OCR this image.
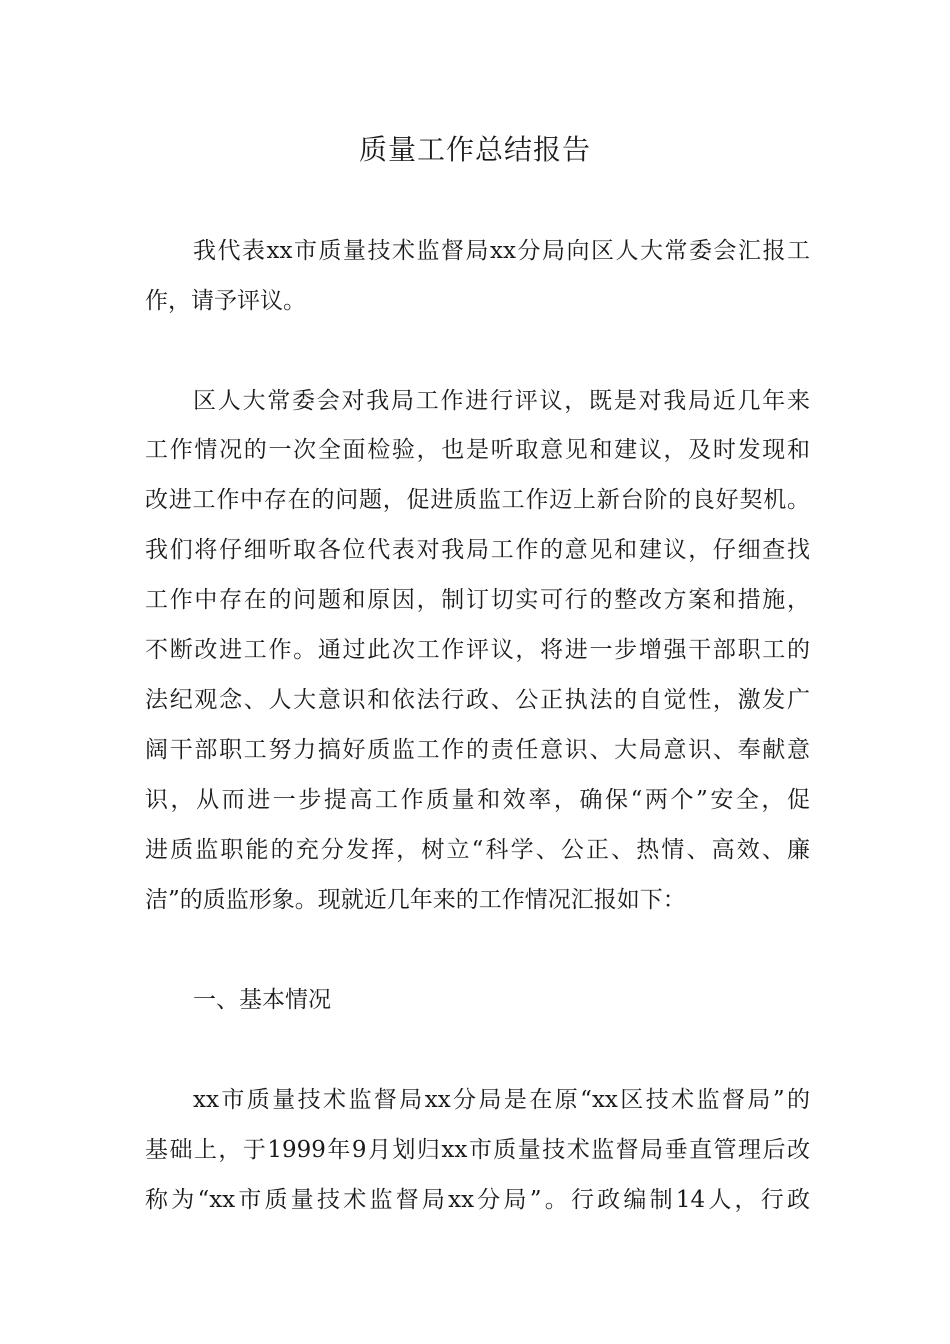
质量工作总结报告
我代表xx市质量技术监督局xx分局向区人大常委会汇报工
作，请予评议。
区人大常委会对我局工作进行评议，既是对我局近几年来
工作情况的一次全面检验，也是听取意见和建议，及时发现和
改进工作中存在的问题，促进质监工作迈上新台阶的良好契机。
我们将仔细听取各位代表对我局工作的意见和建议，仔细查找
工作中存在的问题和原因，制订切实可行的整改方案和措施，
不断改进工作。通过此次工作评议，将进一步增强干部职工的
法纪观念、人大意识和依法行政、公正执法的自觉性，激发广
阔干部职工努力搞好质监工作的责任意识、大局意识、奉献意
识，从而进一步提高工作质量和效率，确保“两个”安全，促
进质监职能的充分发挥，树立“科学、公正、热情、高效、廉
洁”的质监形象。现就近几年来的工作情况汇报如下：
一、基本情况
xx市质量技术监督局xx分局是在原“xx区技术监督局”的
基础上，于1999年9月划归xx市质量技术监督局垂直管理后改
称为“xx市质量技术监督局xx分局”。行政编制14人，行政
